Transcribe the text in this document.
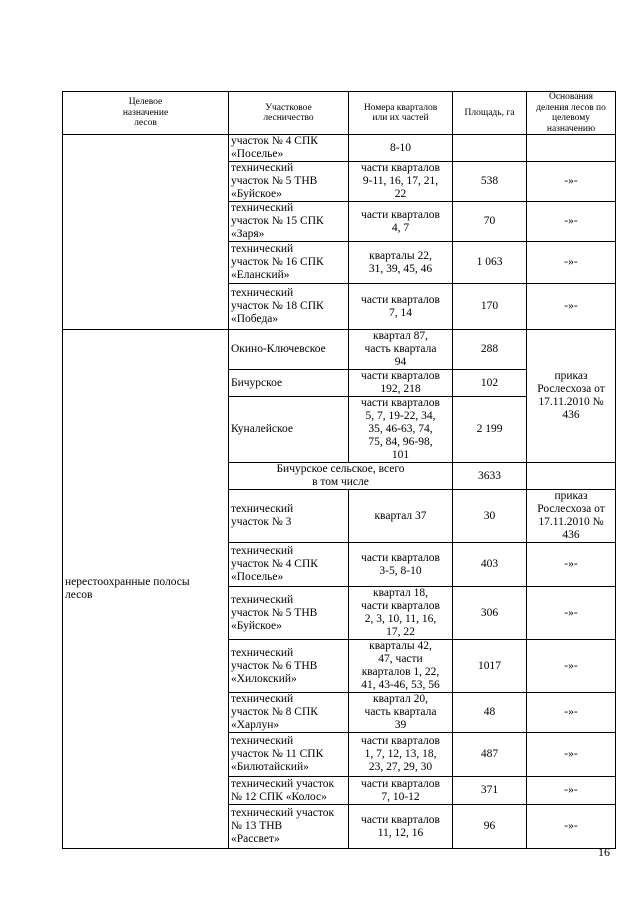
Целевое
назначение
лесов	Участковое
лесничество	Номера кварталов
или их частей	Площадь, га	Основания
деления лесов по
целевому
назначению
	участок № 4 СПК
«Поселье»	8-10		
	технический
участок № 5 ТНВ
«Буйское»	части кварталов
9-11, 16, 17, 21,
22	538	-»-
	технический
участок № 15 СПК
«Заря»	части кварталов
4, 7	70	-»-
	технический
участок № 16 СПК
«Еланский»	кварталы 22,
31, 39, 45, 46	1 063	-»-
	технический
участок № 18 СПК
«Победа»	части кварталов
7, 14	170	-»-
нерестоохранные полосы
лесов	Окино-Ключевское	квартал 87,
часть квартала
94	288	приказ
Рослесхоза от
17.11.2010 №
436
	Бичурское	части кварталов
192, 218	102	
	Куналейское	части кварталов
5, 7, 19-22, 34,
35, 46-63, 74,
75, 84, 96-98,
101	2 199	
	Бичурское сельское, всего
в том числе		3633	
	технический
участок № 3	квартал 37	30	приказ
Рослесхоза от
17.11.2010 №
436
	технический
участок № 4 СПК
«Поселье»	части кварталов
3-5, 8-10	403	-»-
	технический
участок № 5 ТНВ
«Буйское»	квартал 18,
части кварталов
2, 3, 10, 11, 16,
17, 22	306	-»-
	технический
участок № 6 ТНВ
«Хилокский»	кварталы 42,
47, части
кварталов 1, 22,
41, 43-46, 53, 56	1017	-»-
	технический
участок № 8 СПК
«Харлун»	квартал 20,
часть квартала
39	48	-»-
	технический
участок № 11 СПК
«Билютайский»	части кварталов
1, 7, 12, 13, 18,
23, 27, 29, 30	487	-»-
	технический участок
№ 12 СПК «Колос»	части кварталов
7, 10-12	371	-»-
	технический участок
№ 13 ТНВ
«Рассвет»	части кварталов
11, 12, 16	96	-»-
16
